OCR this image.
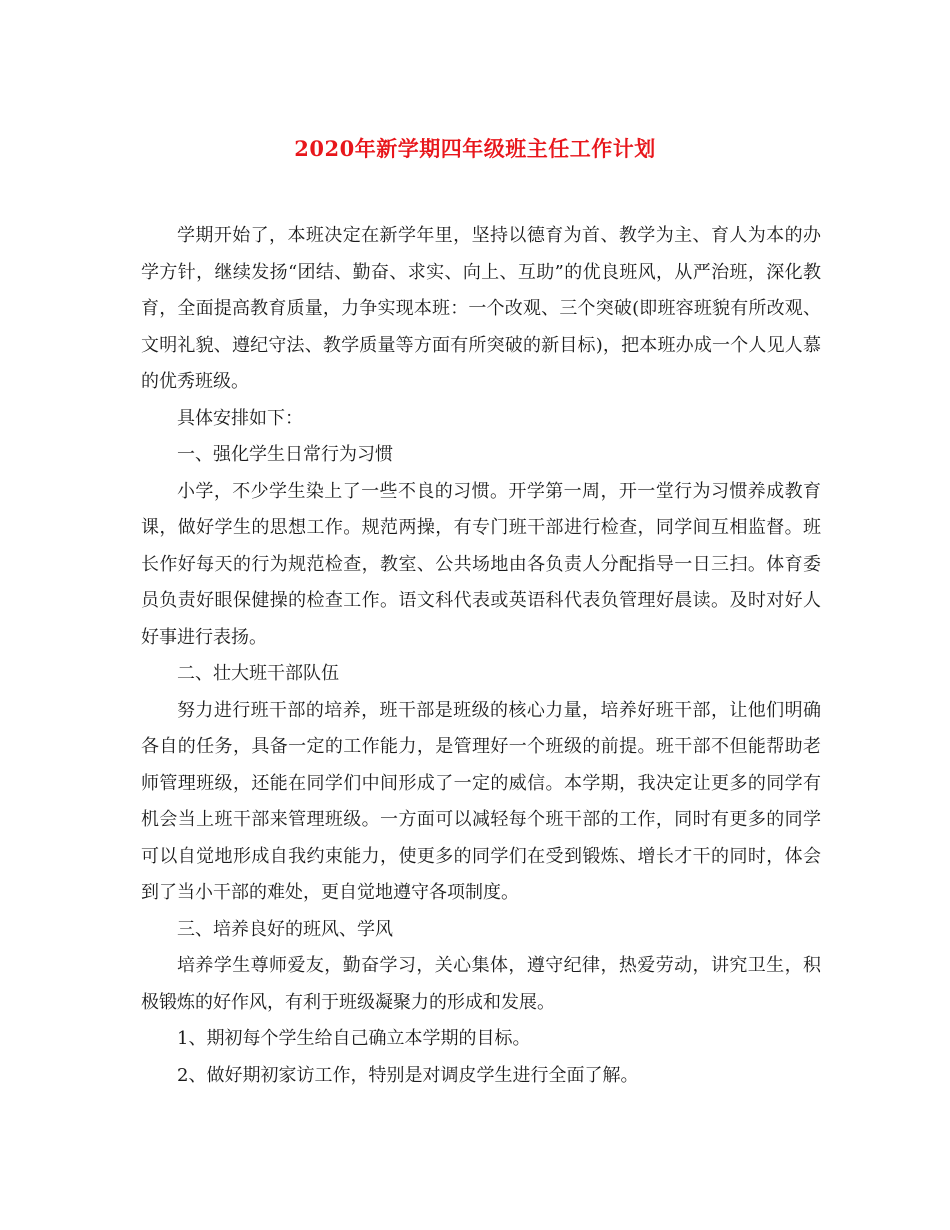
2020年新学期四年级班主任工作计划

学期开始了，本班决定在新学年里，坚持以德育为首、教学为主、育人为本的办学方针，继续发扬“团结、勤奋、求实、向上、互助”的优良班风，从严治班，深化教育，全面提高教育质量，力争实现本班：一个改观、三个突破(即班容班貌有所改观、文明礼貌、遵纪守法、教学质量等方面有所突破的新目标)，把本班办成一个人见人慕的优秀班级。

具体安排如下：

一、强化学生日常行为习惯

小学，不少学生染上了一些不良的习惯。开学第一周，开一堂行为习惯养成教育课，做好学生的思想工作。规范两操，有专门班干部进行检查，同学间互相监督。班长作好每天的行为规范检查，教室、公共场地由各负责人分配指导一日三扫。体育委员负责好眼保健操的检查工作。语文科代表或英语科代表负管理好晨读。及时对好人好事进行表扬。

二、壮大班干部队伍

努力进行班干部的培养，班干部是班级的核心力量，培养好班干部，让他们明确各自的任务，具备一定的工作能力，是管理好一个班级的前提。班干部不但能帮助老师管理班级，还能在同学们中间形成了一定的威信。本学期，我决定让更多的同学有机会当上班干部来管理班级。一方面可以减轻每个班干部的工作，同时有更多的同学可以自觉地形成自我约束能力，使更多的同学们在受到锻炼、增长才干的同时，体会到了当小干部的难处，更自觉地遵守各项制度。

三、培养良好的班风、学风

培养学生尊师爱友，勤奋学习，关心集体，遵守纪律，热爱劳动，讲究卫生，积极锻炼的好作风，有利于班级凝聚力的形成和发展。

1、期初每个学生给自己确立本学期的目标。

2、做好期初家访工作，特别是对调皮学生进行全面了解。
